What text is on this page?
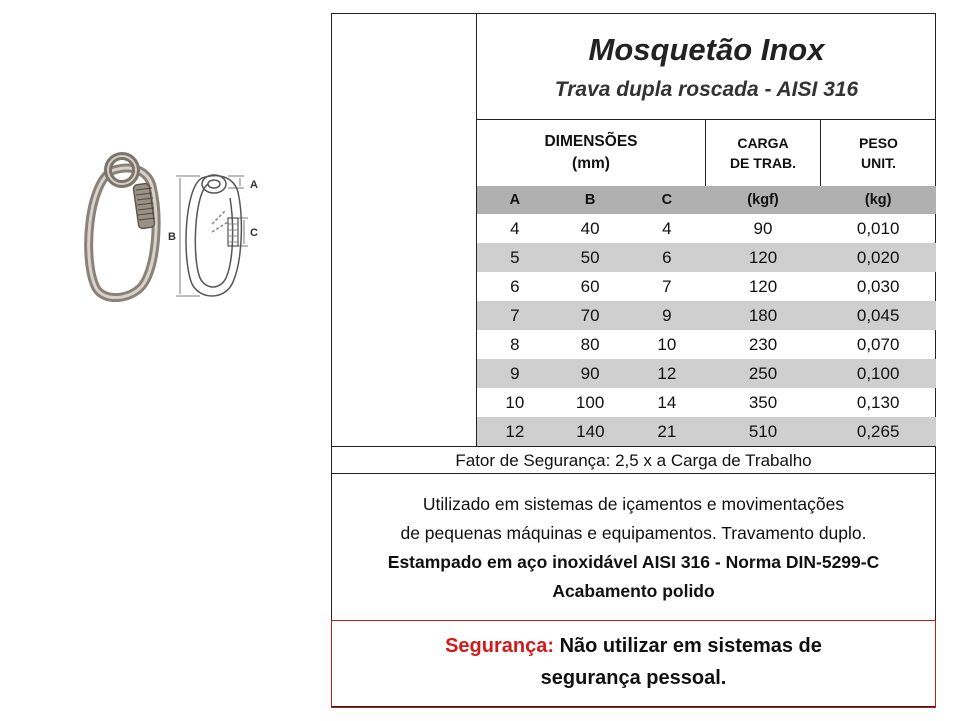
B
A
C
Mosquetão Inox
Trava dupla roscada - AISI 316
DIMENSÕES
(mm)
CARGA
DE TRAB.
PESO
UNIT.
A	B	C	(kgf)	(kg)
4	40	4	90	0,010
5	50	6	120	0,020
6	60	7	120	0,030
7	70	9	180	0,045
8	80	10	230	0,070
9	90	12	250	0,100
10	100	14	350	0,130
12	140	21	510	0,265
Fator de Segurança: 2,5 x a Carga de Trabalho
Utilizado em sistemas de içamentos e movimentações
de pequenas máquinas e equipamentos. Travamento duplo.
Estampado em aço inoxidável AISI 316 - Norma DIN-5299-C
Acabamento polido
Segurança: Não utilizar em sistemas de
segurança pessoal.
